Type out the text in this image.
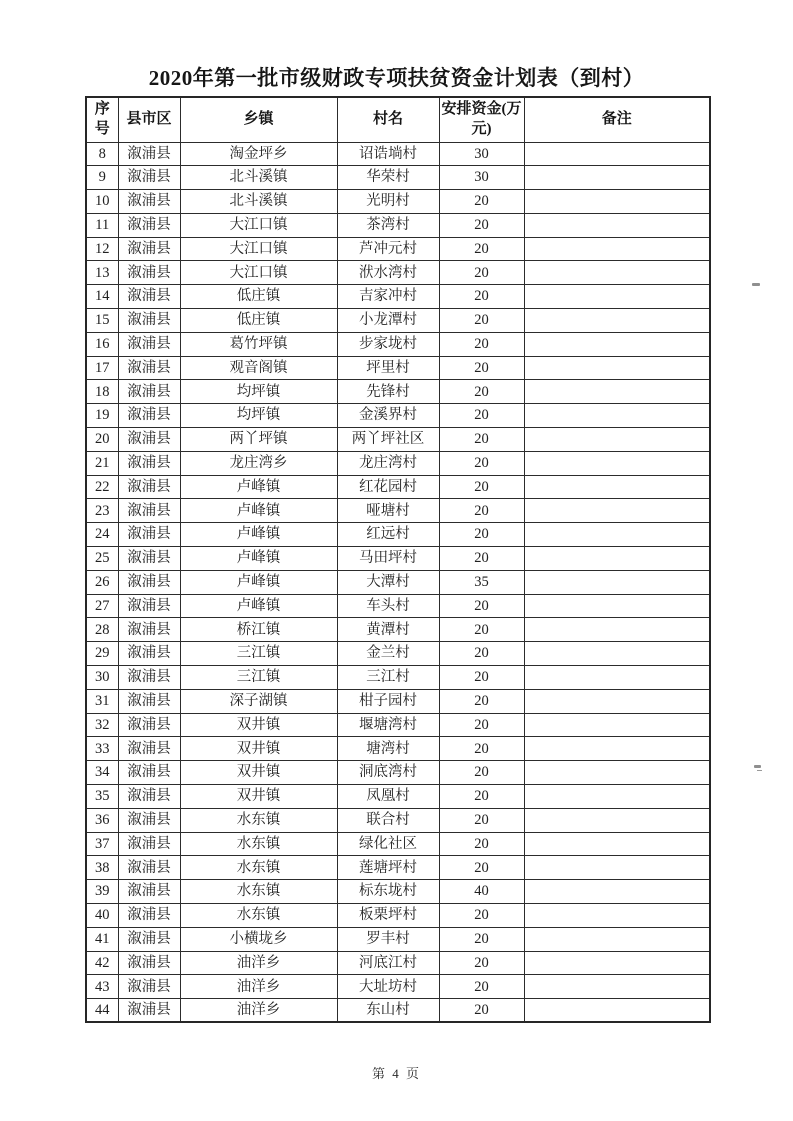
2020年第一批市级财政专项扶贫资金计划表（到村）
序号	县市区	乡镇	村名	安排资金(万元)	备注
8	溆浦县	淘金坪乡	诏诰埫村	30	
9	溆浦县	北斗溪镇	华荣村	30	
10	溆浦县	北斗溪镇	光明村	20	
11	溆浦县	大江口镇	茶湾村	20	
12	溆浦县	大江口镇	芦冲元村	20	
13	溆浦县	大江口镇	洑水湾村	20	
14	溆浦县	低庄镇	吉家冲村	20	
15	溆浦县	低庄镇	小龙潭村	20	
16	溆浦县	葛竹坪镇	步家垅村	20	
17	溆浦县	观音阁镇	坪里村	20	
18	溆浦县	均坪镇	先锋村	20	
19	溆浦县	均坪镇	金溪界村	20	
20	溆浦县	两丫坪镇	两丫坪社区	20	
21	溆浦县	龙庄湾乡	龙庄湾村	20	
22	溆浦县	卢峰镇	红花园村	20	
23	溆浦县	卢峰镇	哑塘村	20	
24	溆浦县	卢峰镇	红远村	20	
25	溆浦县	卢峰镇	马田坪村	20	
26	溆浦县	卢峰镇	大潭村	35	
27	溆浦县	卢峰镇	车头村	20	
28	溆浦县	桥江镇	黄潭村	20	
29	溆浦县	三江镇	金兰村	20	
30	溆浦县	三江镇	三江村	20	
31	溆浦县	深子湖镇	柑子园村	20	
32	溆浦县	双井镇	堰塘湾村	20	
33	溆浦县	双井镇	塘湾村	20	
34	溆浦县	双井镇	洞底湾村	20	
35	溆浦县	双井镇	凤凰村	20	
36	溆浦县	水东镇	联合村	20	
37	溆浦县	水东镇	绿化社区	20	
38	溆浦县	水东镇	莲塘坪村	20	
39	溆浦县	水东镇	标东垅村	40	
40	溆浦县	水东镇	板栗坪村	20	
41	溆浦县	小横垅乡	罗丰村	20	
42	溆浦县	油洋乡	河底江村	20	
43	溆浦县	油洋乡	大址坊村	20	
44	溆浦县	油洋乡	东山村	20	
第 4 页
